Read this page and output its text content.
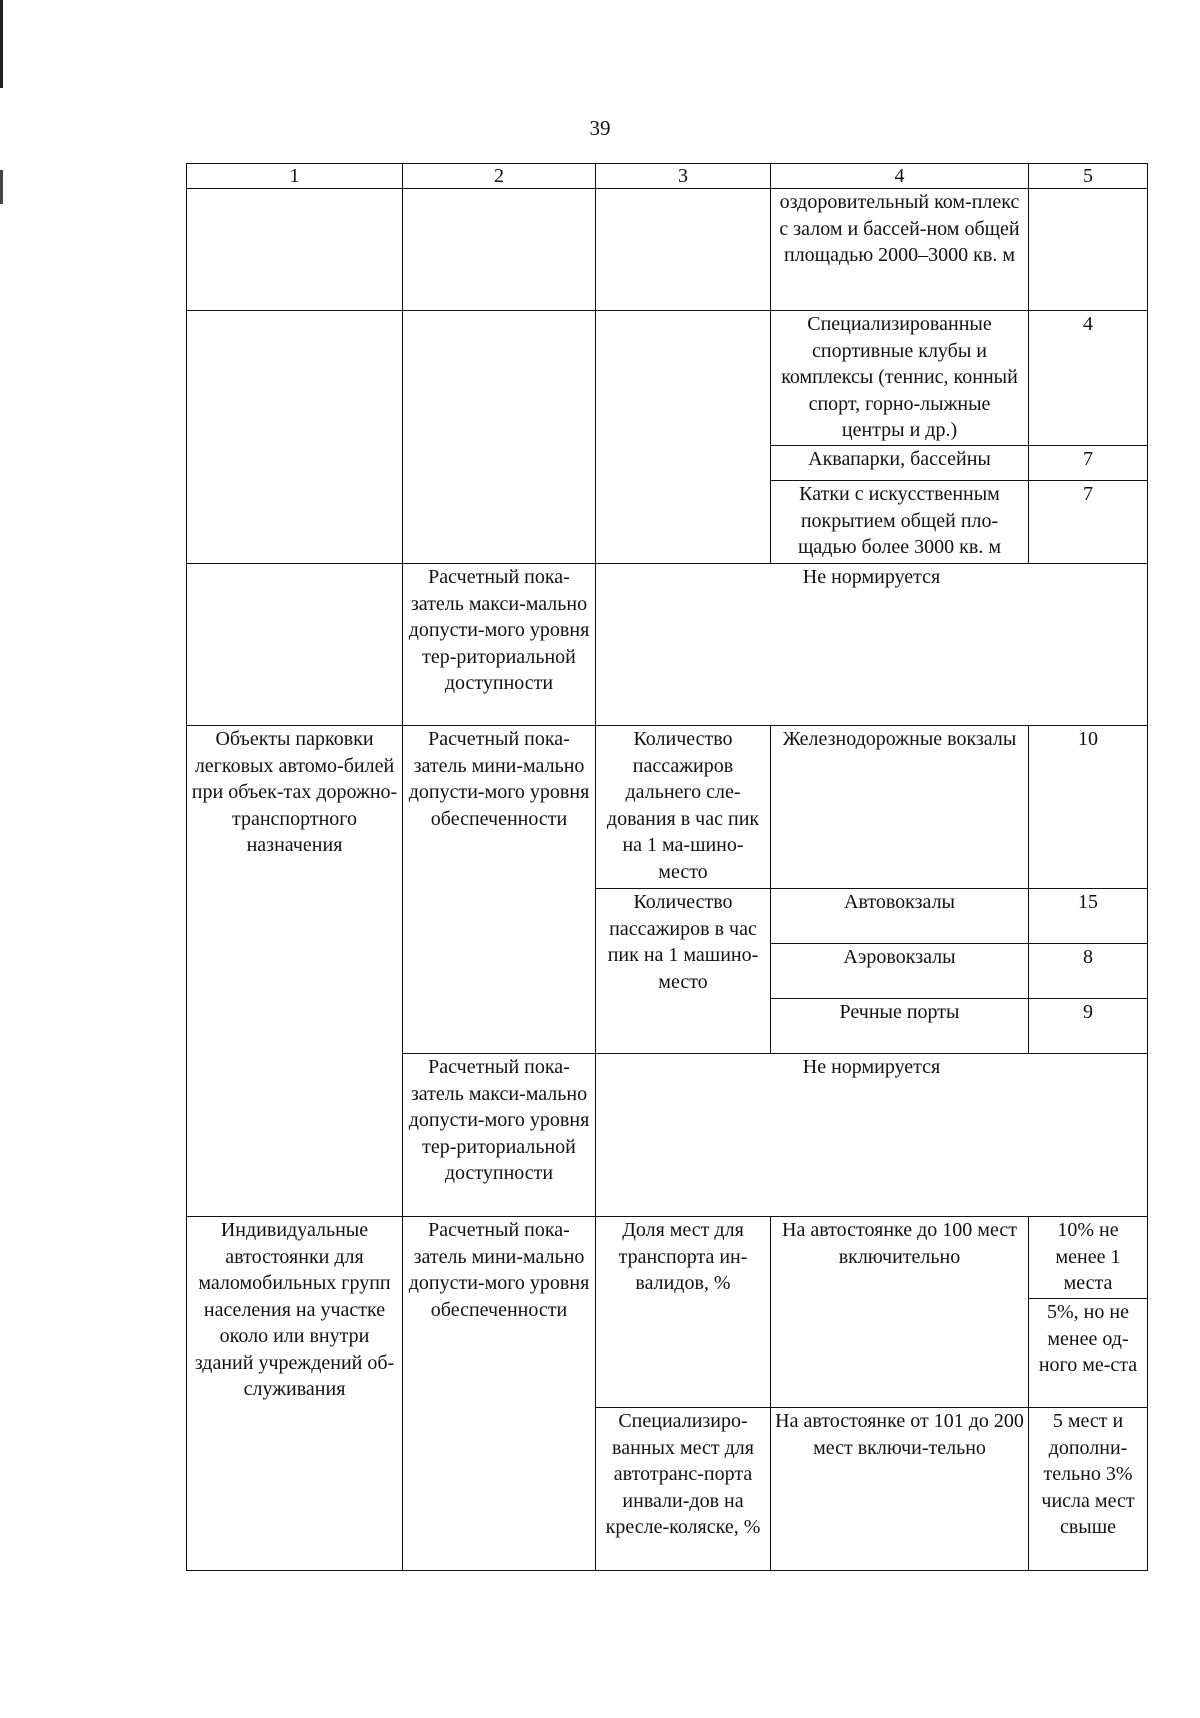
39
1	2	3	4	5
			оздоровительный ком-плекс с залом и бассей-ном общей площадью 2000–3000 кв. м	
			Специализированные спортивные клубы и комплексы (теннис, конный спорт, горно-лыжные центры и др.)	4
			Аквапарки, бассейны	7
			Катки с искусственным покрытием общей пло-щадью более 3000 кв. м	7
	Расчетный пока-затель макси-мально допусти-мого уровня тер-риториальной доступности	Не нормируется		
Объекты парковки легковых автомо-билей при объек-тах дорожно-транспортного назначения	Расчетный пока-затель мини-мально допусти-мого уровня обеспеченности	Количество пассажиров дальнего сле-дования в час пик на 1 ма-шино-место	Железнодорожные вокзалы	10
		Количество пассажиров в час пик на 1 машино-место	Автовокзалы	15
			Аэровокзалы	8
			Речные порты	9
	Расчетный пока-затель макси-мально допусти-мого уровня тер-риториальной доступности	Не нормируется		
Индивидуальные автостоянки для маломобильных групп населения на участке около или внутри зданий учреждений об-служивания	Расчетный пока-затель мини-мально допусти-мого уровня обеспеченности	Доля мест для транспорта ин-валидов, %	На автостоянке до 100 мест включительно	10% не менее 1 места
				5%, но не менее од-ного ме-ста
		Специализиро-ванных мест для автотранс-порта инвали-дов на кресле-коляске, %	На автостоянке от 101 до 200 мест включи-тельно	5 мест и дополни-тельно 3% числа мест свыше
